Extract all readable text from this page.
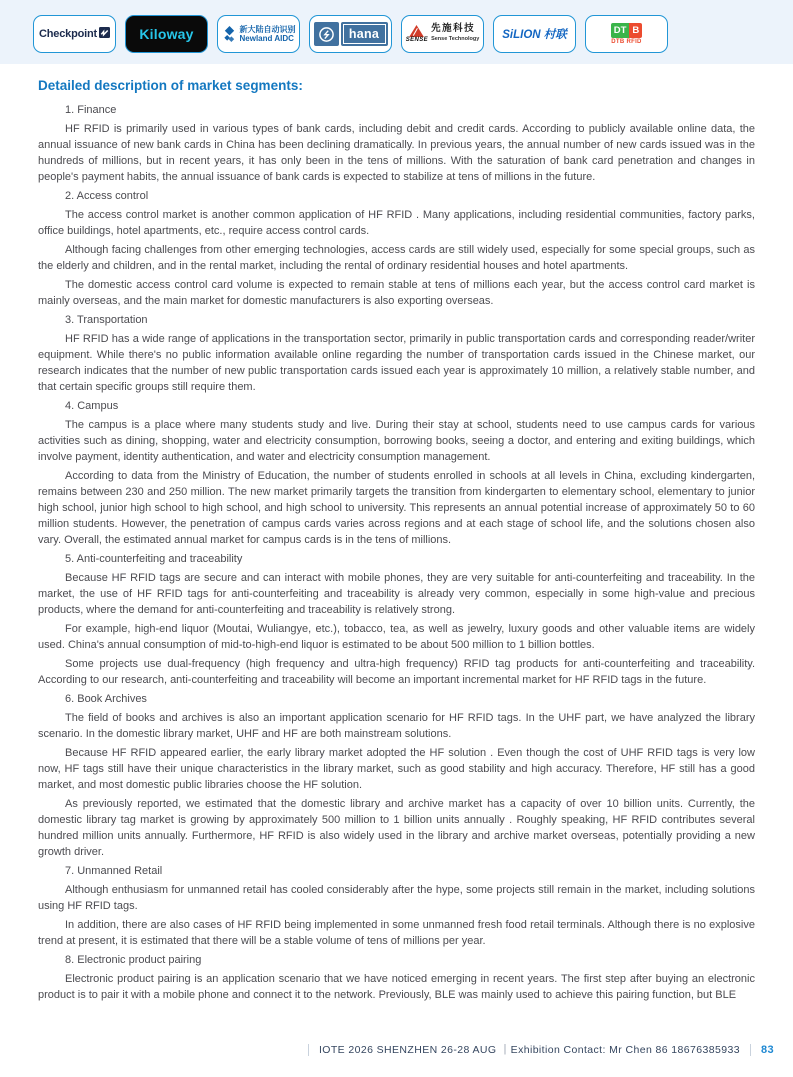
Checkpoint	Kiloway	新大陆自动识别
Newland AIDC	hana	SENSE
先施科技
Sense Technology SiLION 村联	DT B
DTB RFID

Detailed description of market segments:

1. Finance

HF RFID is primarily used in various types of bank cards, including debit and credit cards. According to publicly available online data, the annual issuance of new bank cards in China has been declining dramatically. In previous years, the annual number of new cards issued was in the hundreds of millions, but in recent years, it has only been in the tens of millions. With the saturation of bank card penetration and changes in people's payment habits, the annual issuance of bank cards is expected to stabilize at tens of millions in the future.

2. Access control

The access control market is another common application of HF RFID . Many applications, including residential communities, factory parks, office buildings, hotel apartments, etc., require access control cards.

Although facing challenges from other emerging technologies, access cards are still widely used, especially for some special groups, such as the elderly and children, and in the rental market, including the rental of ordinary residential houses and hotel apartments.

The domestic access control card volume is expected to remain stable at tens of millions each year, but the access control card market is mainly overseas, and the main market for domestic manufacturers is also exporting overseas.

3. Transportation

HF RFID has a wide range of applications in the transportation sector, primarily in public transportation cards and corresponding reader/writer equipment. While there's no public information available online regarding the number of transportation cards issued in the Chinese market, our research indicates that the number of new public transportation cards issued each year is approximately 10 million, a relatively stable number, and that certain specific groups still require them.

4. Campus

The campus is a place where many students study and live. During their stay at school, students need to use campus cards for various activities such as dining, shopping, water and electricity consumption, borrowing books, seeing a doctor, and entering and exiting buildings, which involve payment, identity authentication, and water and electricity consumption management.

According to data from the Ministry of Education, the number of students enrolled in schools at all levels in China, excluding kindergarten, remains between 230 and 250 million. The new market primarily targets the transition from kindergarten to elementary school, elementary to junior high school, junior high school to high school, and high school to university. This represents an annual potential increase of approximately 50 to 60 million students. However, the penetration of campus cards varies across regions and at each stage of school life, and the solutions chosen also vary. Overall, the estimated annual market for campus cards is in the tens of millions.

5. Anti-counterfeiting and traceability

Because HF RFID tags are secure and can interact with mobile phones, they are very suitable for anti-counterfeiting and traceability. In the market, the use of HF RFID tags for anti-counterfeiting and traceability is already very common, especially in some high-value and precious products, where the demand for anti-counterfeiting and traceability is relatively strong.

For example, high-end liquor (Moutai, Wuliangye, etc.), tobacco, tea, as well as jewelry, luxury goods and other valuable items are widely used. China's annual consumption of mid-to-high-end liquor is estimated to be about 500 million to 1 billion bottles.

Some projects use dual-frequency (high frequency and ultra-high frequency) RFID tag products for anti-counterfeiting and traceability. According to our research, anti-counterfeiting and traceability will become an important incremental market for HF RFID tags in the future.

6. Book Archives

The field of books and archives is also an important application scenario for HF RFID tags. In the UHF part, we have analyzed the library scenario. In the domestic library market, UHF and HF are both mainstream solutions.

Because HF RFID appeared earlier, the early library market adopted the HF solution . Even though the cost of UHF RFID tags is very low now, HF tags still have their unique characteristics in the library market, such as good stability and high accuracy. Therefore, HF still has a good market, and most domestic public libraries choose the HF solution.

As previously reported, we estimated that the domestic library and archive market has a capacity of over 10 billion units. Currently, the domestic library tag market is growing by approximately 500 million to 1 billion units annually . Roughly speaking, HF RFID contributes several hundred million units annually. Furthermore, HF RFID is also widely used in the library and archive market overseas, potentially providing a new growth driver.

7. Unmanned Retail

Although enthusiasm for unmanned retail has cooled considerably after the hype, some projects still remain in the market, including solutions using HF RFID tags.

In addition, there are also cases of HF RFID being implemented in some unmanned fresh food retail terminals. Although there is no explosive trend at present, it is estimated that there will be a stable volume of tens of millions per year.

8. Electronic product pairing

Electronic product pairing is an application scenario that we have noticed emerging in recent years. The first step after buying an electronic product is to pair it with a mobile phone and connect it to the network. Previously, BLE was mainly used to achieve this pairing function, but BLE

IOTE 2026 SHENZHEN 26-28 AUG ｜Exhibition Contact: Mr Chen 86 18676385933 83
